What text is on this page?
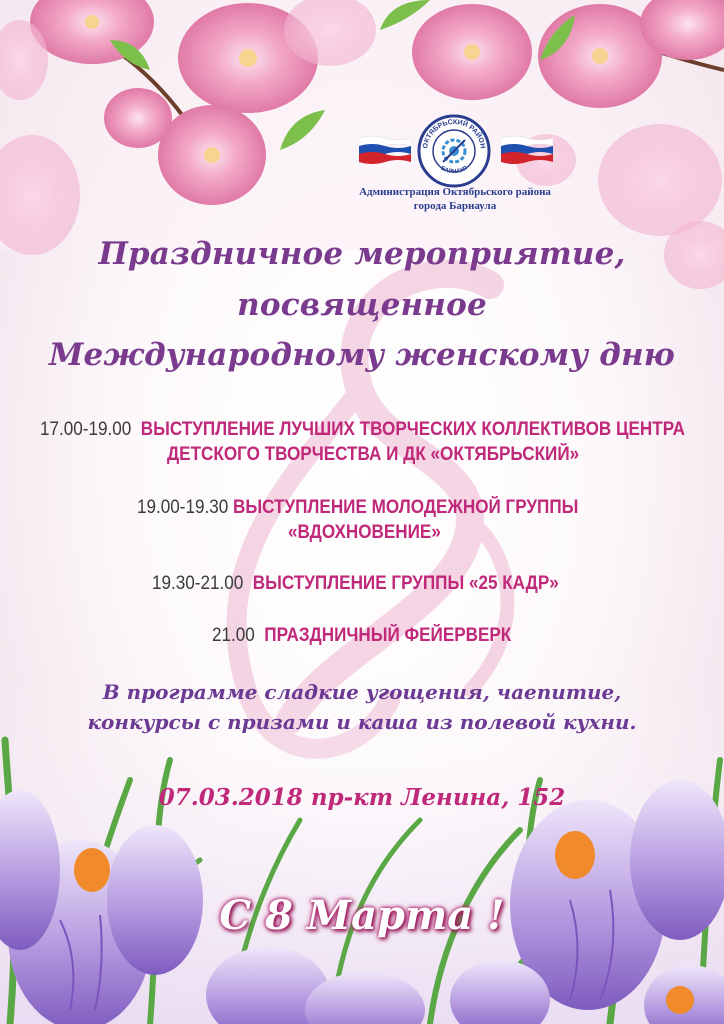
ОКТЯБРЬСКИЙ РАЙОН
БАРНАУЛ
Администрация Октябрьского района
города Барнаула
Праздничное мероприятие,
посвященное
Международному женскому дню
17.00-19.00 ВЫСТУПЛЕНИЕ ЛУЧШИХ ТВОРЧЕСКИХ КОЛЛЕКТИВОВ ЦЕНТРА
ДЕТСКОГО ТВОРЧЕСТВА И ДК «ОКТЯБРЬСКИЙ»
19.00-19.30 ВЫСТУПЛЕНИЕ МОЛОДЕЖНОЙ ГРУППЫ
«ВДОХНОВЕНИЕ»
19.30-21.00 ВЫСТУПЛЕНИЕ ГРУППЫ «25 КАДР»
21.00 ПРАЗДНИЧНЫЙ ФЕЙЕРВЕРК
В программе сладкие угощения, чаепитие,
конкурсы с призами и каша из полевой кухни.
07.03.2018 пр-кт Ленина, 152
С 8 Марта !
